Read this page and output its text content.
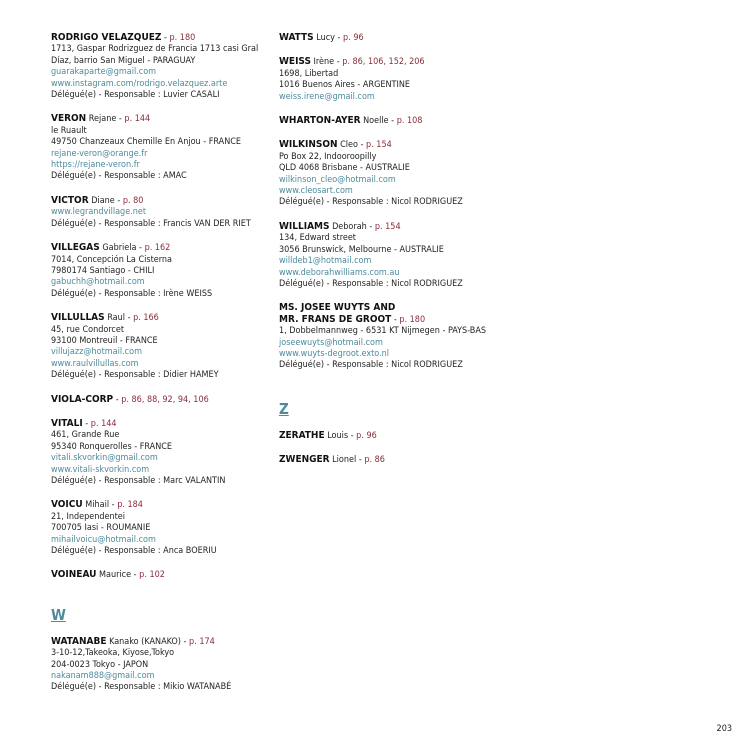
RODRIGO VELAZQUEZ - p. 180
1713, Gaspar Rodrizguez de Francia 1713 casi Gral
Díaz, barrio San Miguel - PARAGUAY
guarakaparte@gmail.com
www.instagram.com/rodrigo.velazquez.arte
Délégué(e) - Responsable : Luvier CASALI
VERON Rejane - p. 144
le Ruault
49750 Chanzeaux Chemille En Anjou - FRANCE
rejane-veron@orange.fr
https://rejane-veron.fr
Délégué(e) - Responsable : AMAC
VICTOR Diane - p. 80
www.legrandvillage.net
Délégué(e) - Responsable : Francis VAN DER RIET
VILLEGAS Gabriela - p. 162
7014, Concepción La Cisterna
7980174 Santiago - CHILI
gabuchh@hotmail.com
Délégué(e) - Responsable : Irène WEISS
VILLULLAS Raul - p. 166
45, rue Condorcet
93100 Montreuil - FRANCE
villujazz@hotmail.com
www.raulvillullas.com
Délégué(e) - Responsable : Didier HAMEY
VIOLA-CORP - p. 86, 88, 92, 94, 106
VITALI - p. 144
461, Grande Rue
95340 Ronquerolles - FRANCE
vitali.skvorkin@gmail.com
www.vitali-skvorkin.com
Délégué(e) - Responsable : Marc VALANTIN
VOICU Mihail - p. 184
21, Independentei
700705 Iasi - ROUMANIE
mihailvoicu@hotmail.com
Délégué(e) - Responsable : Anca BOERIU
VOINEAU Maurice - p. 102
W
WATANABE Kanako (KANAKO) - p. 174
3-10-12,Takeoka, Kiyose,Tokyo
204-0023 Tokyo - JAPON
nakanam888@gmail.com
Délégué(e) - Responsable : Mikio WATANABÉ
WATTS Lucy - p. 96
WEISS Irène - p. 86, 106, 152, 206
1698, Libertad
1016 Buenos Aires - ARGENTINE
weiss.irene@gmail.com
WHARTON-AYER Noelle - p. 108
WILKINSON Cleo - p. 154
Po Box 22, Indooroopilly
QLD 4068 Brisbane - AUSTRALIE
wilkinson_cleo@hotmail.com
www.cleosart.com
Délégué(e) - Responsable : Nicol RODRIGUEZ
WILLIAMS Deborah - p. 154
134, Edward street
3056 Brunswick, Melbourne - AUSTRALIE
willdeb1@hotmail.com
www.deborahwilliams.com.au
Délégué(e) - Responsable : Nicol RODRIGUEZ
MS. JOSEE WUYTS AND
MR. FRANS DE GROOT - p. 180
1, Dobbelmannweg - 6531 KT Nijmegen - PAYS-BAS
joseewuyts@hotmail.com
www.wuyts-degroot.exto.nl
Délégué(e) - Responsable : Nicol RODRIGUEZ
Z
ZERATHE Louis - p. 96
ZWENGER Lionel - p. 86
203
